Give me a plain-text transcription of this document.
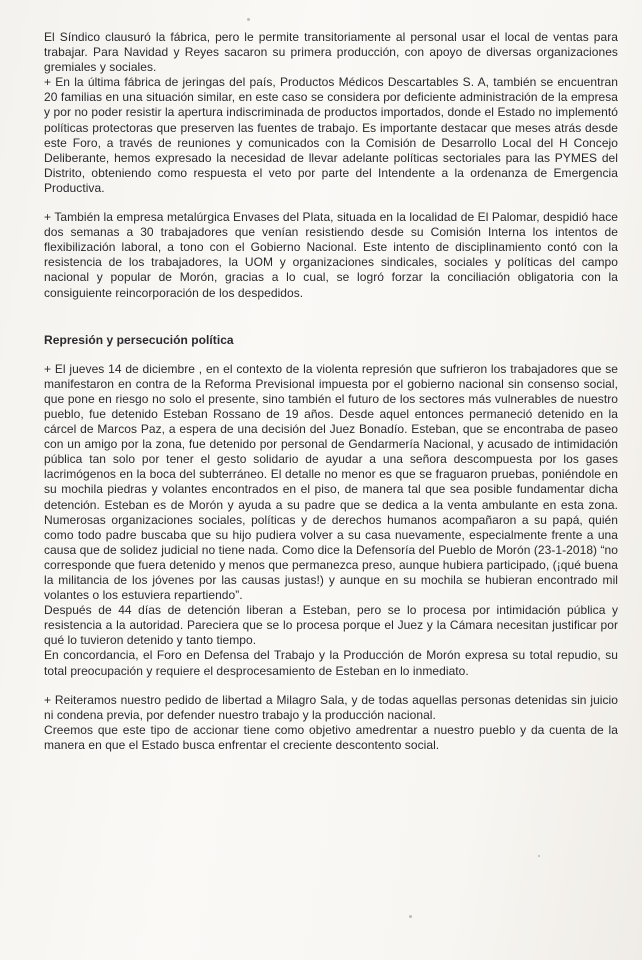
El Síndico clausuró la fábrica, pero le permite transitoriamente al personal usar el local de ventas para trabajar. Para Navidad y Reyes sacaron su primera producción, con apoyo de diversas organizaciones gremiales y sociales.

+ En la última fábrica de jeringas del país, Productos Médicos Descartables S. A, también se encuentran 20 familias en una situación similar, en este caso se considera por deficiente administración de la empresa y por no poder resistir la apertura indiscriminada de productos importados, donde el Estado no implementó políticas protectoras que preserven las fuentes de trabajo. Es importante destacar que meses atrás desde este Foro, a través de reuniones y comunicados con la Comisión de Desarrollo Local del H Concejo Deliberante, hemos expresado la necesidad de llevar adelante políticas sectoriales para las PYMES del Distrito, obteniendo como respuesta el veto por parte del Intendente a la ordenanza de Emergencia Productiva.

+ También la empresa metalúrgica Envases del Plata, situada en la localidad de El Palomar, despidió hace dos semanas a 30 trabajadores que venían resistiendo desde su Comisión Interna los intentos de flexibilización laboral, a tono con el Gobierno Nacional. Este intento de disciplinamiento contó con la resistencia de los trabajadores, la UOM y organizaciones sindicales, sociales y políticas del campo nacional y popular de Morón, gracias a lo cual, se logró forzar la conciliación obligatoria con la consiguiente reincorporación de los despedidos.

Represión y persecución política

+ El jueves 14 de diciembre , en el contexto de la violenta represión que sufrieron los trabajadores que se manifestaron en contra de la Reforma Previsional impuesta por el gobierno nacional sin consenso social, que pone en riesgo no solo el presente, sino también el futuro de los sectores más vulnerables de nuestro pueblo, fue detenido Esteban Rossano de 19 años. Desde aquel entonces permaneció detenido en la cárcel de Marcos Paz, a espera de una decisión del Juez Bonadío. Esteban, que se encontraba de paseo con un amigo por la zona, fue detenido por personal de Gendarmería Nacional, y acusado de intimidación pública tan solo por tener el gesto solidario de ayudar a una señora descompuesta por los gases lacrimógenos en la boca del subterráneo. El detalle no menor es que se fraguaron pruebas, poniéndole en su mochila piedras y volantes encontrados en el piso, de manera tal que sea posible fundamentar dicha detención. Esteban es de Morón y ayuda a su padre que se dedica a la venta ambulante en esta zona. Numerosas organizaciones sociales, políticas y de derechos humanos acompañaron a su papá, quién como todo padre buscaba que su hijo pudiera volver a su casa nuevamente, especialmente frente a una causa que de solidez judicial no tiene nada. Como dice la Defensoría del Pueblo de Morón (23-1-2018) “no corresponde que fuera detenido y menos que permanezca preso, aunque hubiera participado, (¡qué buena la militancia de los jóvenes por las causas justas!) y aunque en su mochila se hubieran encontrado mil volantes o los estuviera repartiendo”.

Después de 44 días de detención liberan a Esteban, pero se lo procesa por intimidación pública y resistencia a la autoridad. Pareciera que se lo procesa porque el Juez y la Cámara necesitan justificar por qué lo tuvieron detenido y tanto tiempo.

En concordancia, el Foro en Defensa del Trabajo y la Producción de Morón expresa su total repudio, su total preocupación y requiere el desprocesamiento de Esteban en lo inmediato.

+ Reiteramos nuestro pedido de libertad a Milagro Sala, y de todas aquellas personas detenidas sin juicio ni condena previa, por defender nuestro trabajo y la producción nacional.

Creemos que este tipo de accionar tiene como objetivo amedrentar a nuestro pueblo y da cuenta de la manera en que el Estado busca enfrentar el creciente descontento social.
